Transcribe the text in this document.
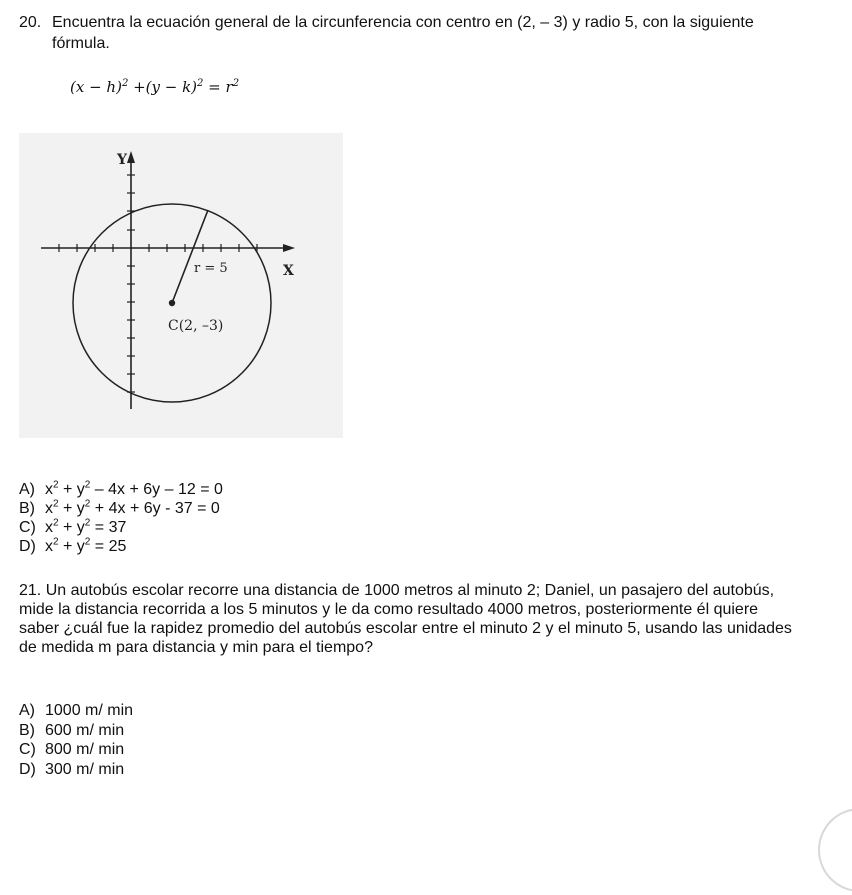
20. Encuentra la ecuación general de la circunferencia con centro en (2, – 3) y radio 5, con la siguiente
fórmula.
$(x - h)^2 +(y - k)^2 = r^2$
Y
X
r = 5
C(2, –3)
A) $x^2 + y^2 - 4x + 6y - 12 = 0$
B) $x^2 + y^2 + 4x + 6y - 37 = 0$
C) $x^2 + y^2 = 37$
D) $x^2 + y^2 = 25$
21. Un autobús escolar recorre una distancia de 1000 metros al minuto 2; Daniel, un pasajero del autobús,
mide la distancia recorrida a los 5 minutos y le da como resultado 4000 metros, posteriormente él quiere
saber ¿cuál fue la rapidez promedio del autobús escolar entre el minuto 2 y el minuto 5, usando las unidades
de medida m para distancia y min para el tiempo?
A) 1000 m/ min
B) 600 m/ min
C) 800 m/ min
D) 300 m/ min
